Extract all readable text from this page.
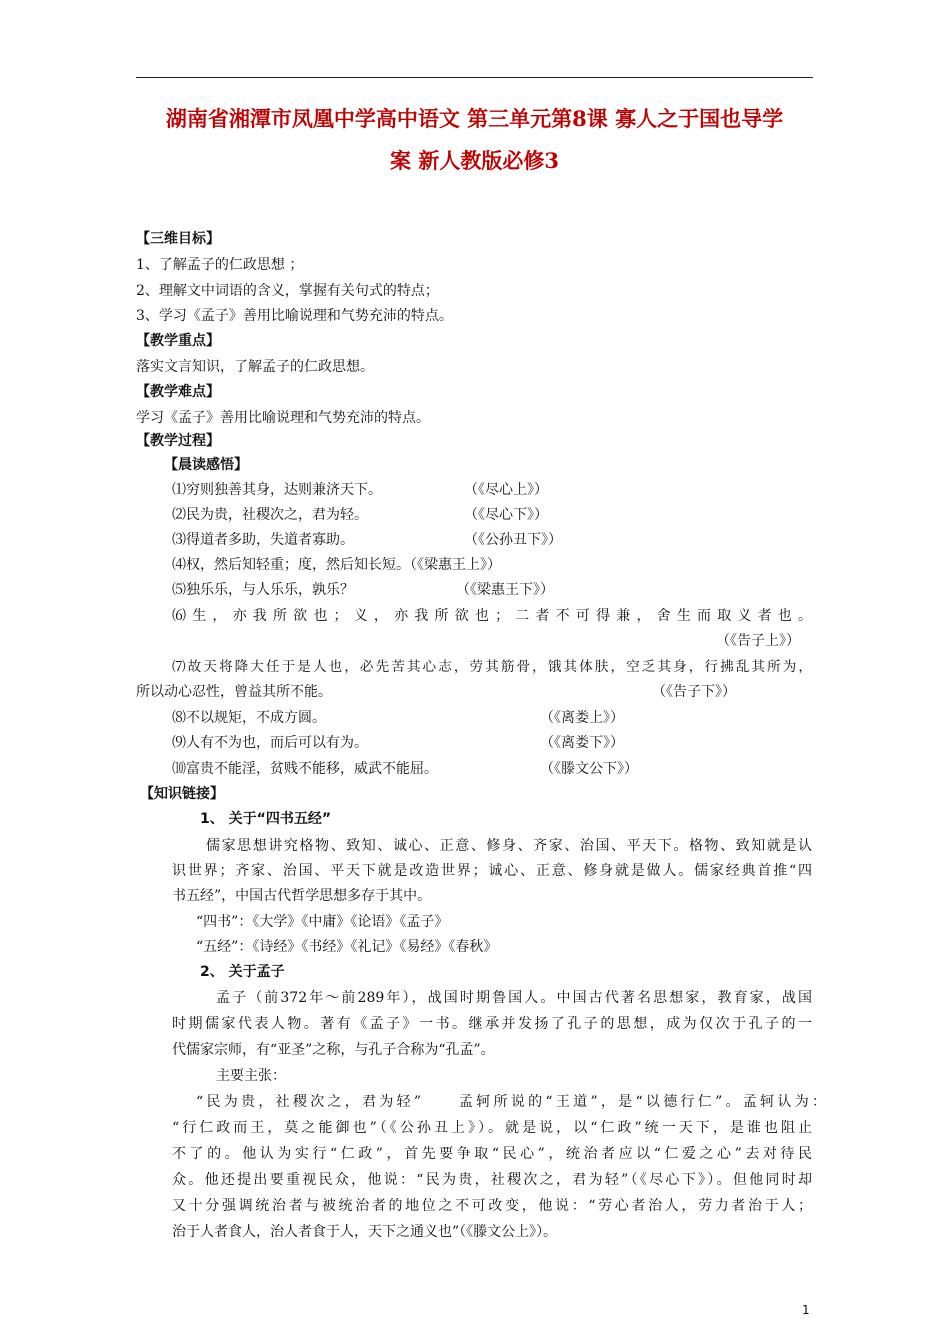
湖南省湘潭市凤凰中学高中语文 第三单元第8课 寡人之于国也导学
案 新人教版必修3
【三维目标】
1、了解孟子的仁政思想 ；
2、理解文中词语的含义，掌握有关句式的特点；
3、学习《孟子》善用比喻说理和气势充沛的特点。
【教学重点】
落实文言知识，了解孟子的仁政思想。
【教学难点】
学习《孟子》善用比喻说理和气势充沛的特点。
【教学过程】
【晨读感悟】
⑴穷则独善其身，达则兼济天下。	（《尽心上》）
⑵民为贵，社稷次之，君为轻。	（《尽心下》）
⑶得道者多助，失道者寡助。	（《公孙丑下》）
⑷权，然后知轻重；度，然后知长短。（《梁惠王上》）
⑸独乐乐，与人乐乐，孰乐？	（《梁惠王下》）
⑹生，亦我所欲也；义，亦我所欲也；二者不可得兼，舍生而取义者也。
（《告子上》）
⑺故天将降大任于是人也，必先苦其心志，劳其筋骨，饿其体肤，空乏其身，行拂乱其所为，
所以动心忍性，曾益其所不能。	（《告子下》）
⑻不以规矩，不成方圆。	（《离娄上》）
⑼人有不为也，而后可以有为。	（《离娄下》）
⑽富贵不能淫，贫贱不能移，威武不能屈。	（《滕文公下》）
【知识链接】
1、 关于“四书五经”
儒家思想讲究格物、致知、诚心、正意、修身、齐家、治国、平天下。格物、致知就是认
识世界；齐家、治国、平天下就是改造世界；诚心、正意、修身就是做人。儒家经典首推“四
书五经”，中国古代哲学思想多存于其中。
“四书”：《大学》《中庸》《论语》《孟子》
“五经”：《诗经》《书经》《礼记》《易经》《春秋》
2、 关于孟子
孟子（前372年～前289年），战国时期鲁国人。中国古代著名思想家，教育家，战国
时期儒家代表人物。著有《孟子》一书。继承并发扬了孔子的思想，成为仅次于孔子的一
代儒家宗师，有“亚圣”之称，与孔子合称为“孔孟”。
主要主张：
“民为贵，社稷次之，君为轻”　　孟轲所说的“王道”，是“以德行仁”。孟轲认为：
“行仁政而王，莫之能御也”（《公孙丑上》）。就是说，以“仁政”统一天下，是谁也阻止
不了的。他认为实行“仁政”，首先要争取“民心”，统治者应以“仁爱之心”去对待民
众。他还提出要重视民众，他说：“民为贵，社稷次之，君为轻”（《尽心下》）。但他同时却
又十分强调统治者与被统治者的地位之不可改变，他说：“劳心者治人，劳力者治于人；
治于人者食人，治人者食于人，天下之通义也”（《滕文公上》）。
1
